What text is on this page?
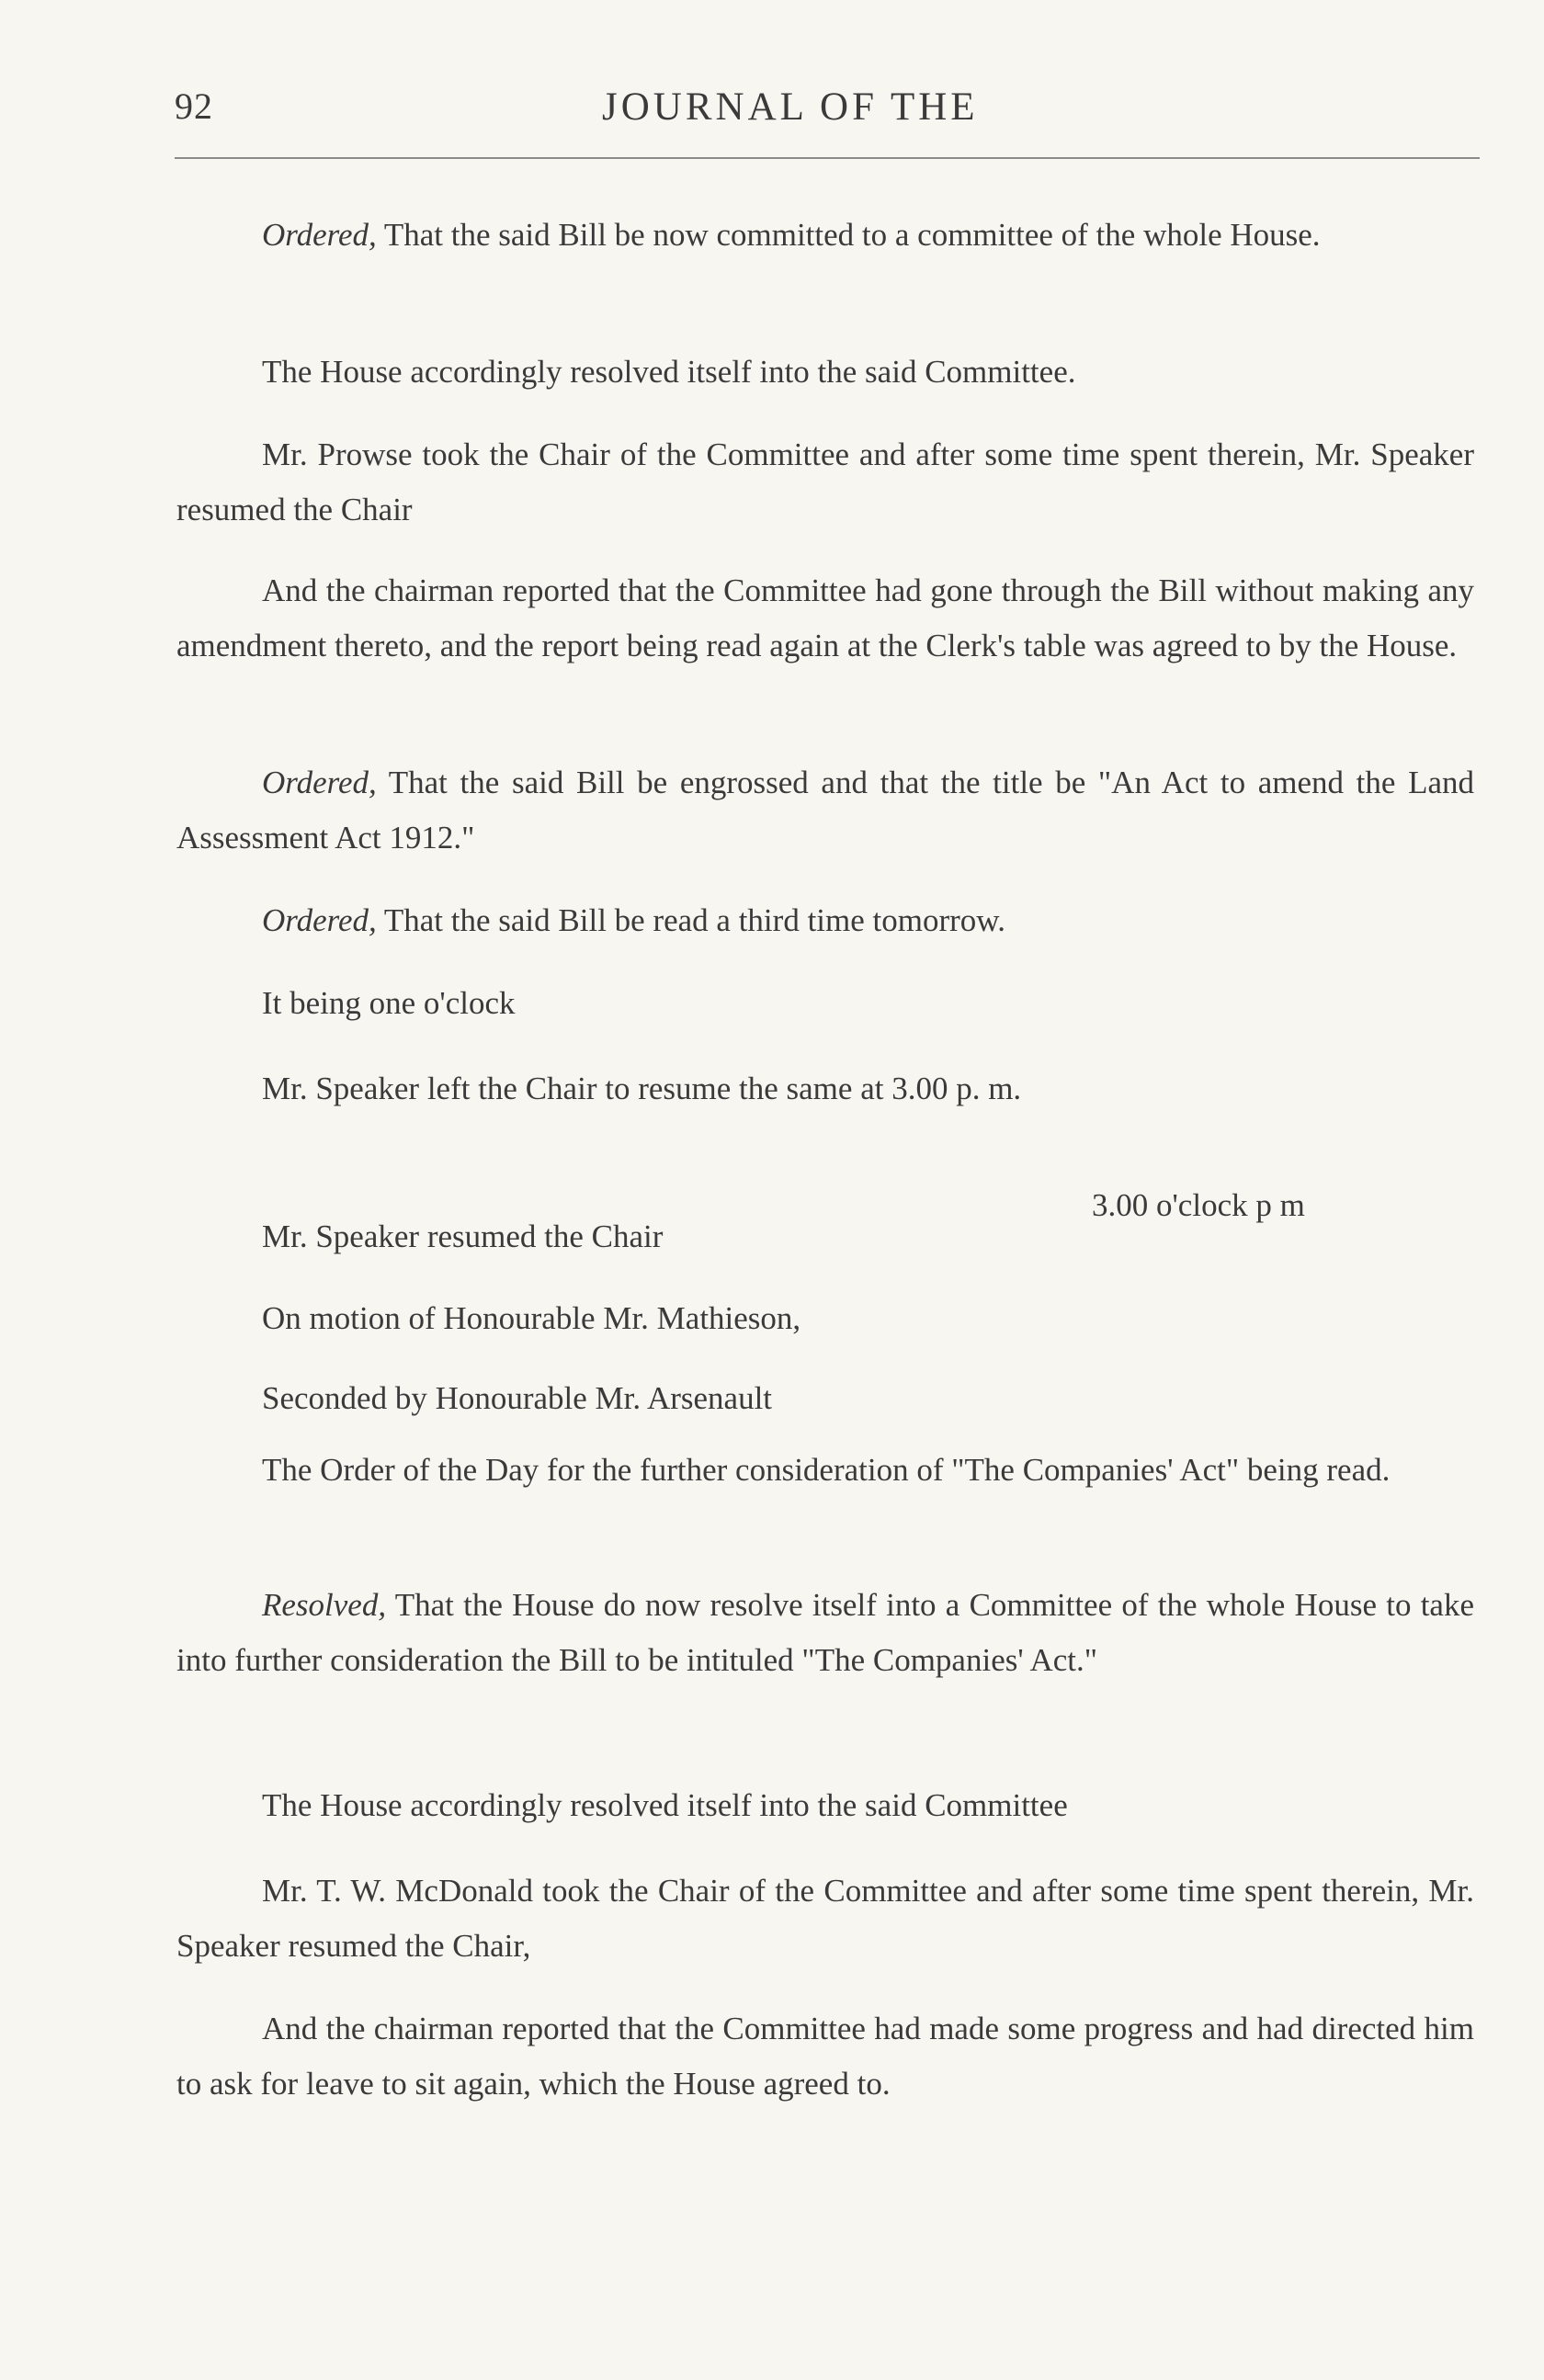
92	JOURNAL OF THE

Ordered, That the said Bill be now committed to a committee of the whole House.

The House accordingly resolved itself into the said Committee.

Mr. Prowse took the Chair of the Committee and after some time spent therein, Mr. Speaker resumed the Chair

And the chairman reported that the Committee had gone through the Bill without making any amendment thereto, and the report being read again at the Clerk's table was agreed to by the House.

Ordered, That the said Bill be engrossed and that the title be "An Act to amend the Land Assessment Act 1912."

Ordered, That the said Bill be read a third time tomorrow.

It being one o'clock

Mr. Speaker left the Chair to resume the same at 3.00 p. m.

Mr. Speaker resumed the Chair

On motion of Honourable Mr. Mathieson,

Seconded by Honourable Mr. Arsenault

The Order of the Day for the further consideration of "The Companies' Act" being read.

Resolved, That the House do now resolve itself into a Committee of the whole House to take into further consideration the Bill to be intituled "The Companies' Act."

The House accordingly resolved itself into the said Committee

Mr. T. W. McDonald took the Chair of the Committee and after some time spent therein, Mr. Speaker resumed the Chair,

And the chairman reported that the Committee had made some progress and had directed him to ask for leave to sit again, which the House agreed to.

3.00 o'clock p m
